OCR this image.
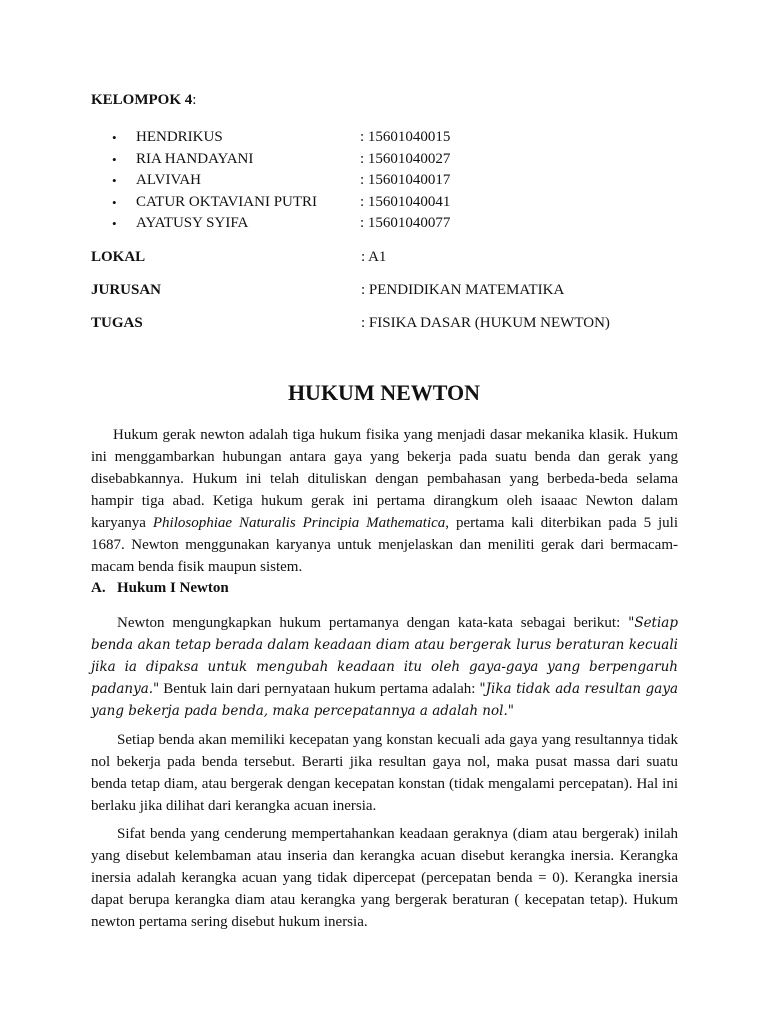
KELOMPOK 4:
• HENDRIKUS	: 15601040015
• RIA HANDAYANI	: 15601040027
• ALVIVAH	: 15601040017
• CATUR OKTAVIANI PUTRI	: 15601040041
• AYATUSY SYIFA	: 15601040077
LOKAL	: A1
JURUSAN	: PENDIDIKAN MATEMATIKA
TUGAS	: FISIKA DASAR (HUKUM NEWTON)
HUKUM NEWTON

Hukum gerak newton adalah tiga hukum fisika yang menjadi dasar mekanika klasik. Hukum ini menggambarkan hubungan antara gaya yang bekerja pada suatu benda dan gerak yang disebabkannya. Hukum ini telah dituliskan dengan pembahasan yang berbeda-beda selama hampir tiga abad. Ketiga hukum gerak ini pertama dirangkum oleh isaaac Newton dalam karyanya Philosophiae Naturalis Principia Mathematica, pertama kali diterbikan pada 5 juli 1687. Newton menggunakan karyanya untuk menjelaskan dan meniliti gerak dari bermacam-macam benda fisik maupun sistem.

A. Hukum I Newton

Newton mengungkapkan hukum pertamanya dengan kata-kata sebagai berikut: "Setiap benda akan tetap berada dalam keadaan diam atau bergerak lurus beraturan kecuali jika ia dipaksa untuk mengubah keadaan itu oleh gaya-gaya yang berpengaruh padanya." Bentuk lain dari pernyataan hukum pertama adalah: "Jika tidak ada resultan gaya yang bekerja pada benda, maka percepatannya a adalah nol."

Setiap benda akan memiliki kecepatan yang konstan kecuali ada gaya yang resultannya tidak nol bekerja pada benda tersebut. Berarti jika resultan gaya nol, maka pusat massa dari suatu benda tetap diam, atau bergerak dengan kecepatan konstan (tidak mengalami percepatan). Hal ini berlaku jika dilihat dari kerangka acuan inersia.

Sifat benda yang cenderung mempertahankan keadaan geraknya (diam atau bergerak) inilah yang disebut kelembaman atau inseria dan kerangka acuan disebut kerangka inersia. Kerangka inersia adalah kerangka acuan yang tidak dipercepat (percepatan benda = 0). Kerangka inersia dapat berupa kerangka diam atau kerangka yang bergerak beraturan ( kecepatan tetap). Hukum newton pertama sering disebut hukum inersia.
